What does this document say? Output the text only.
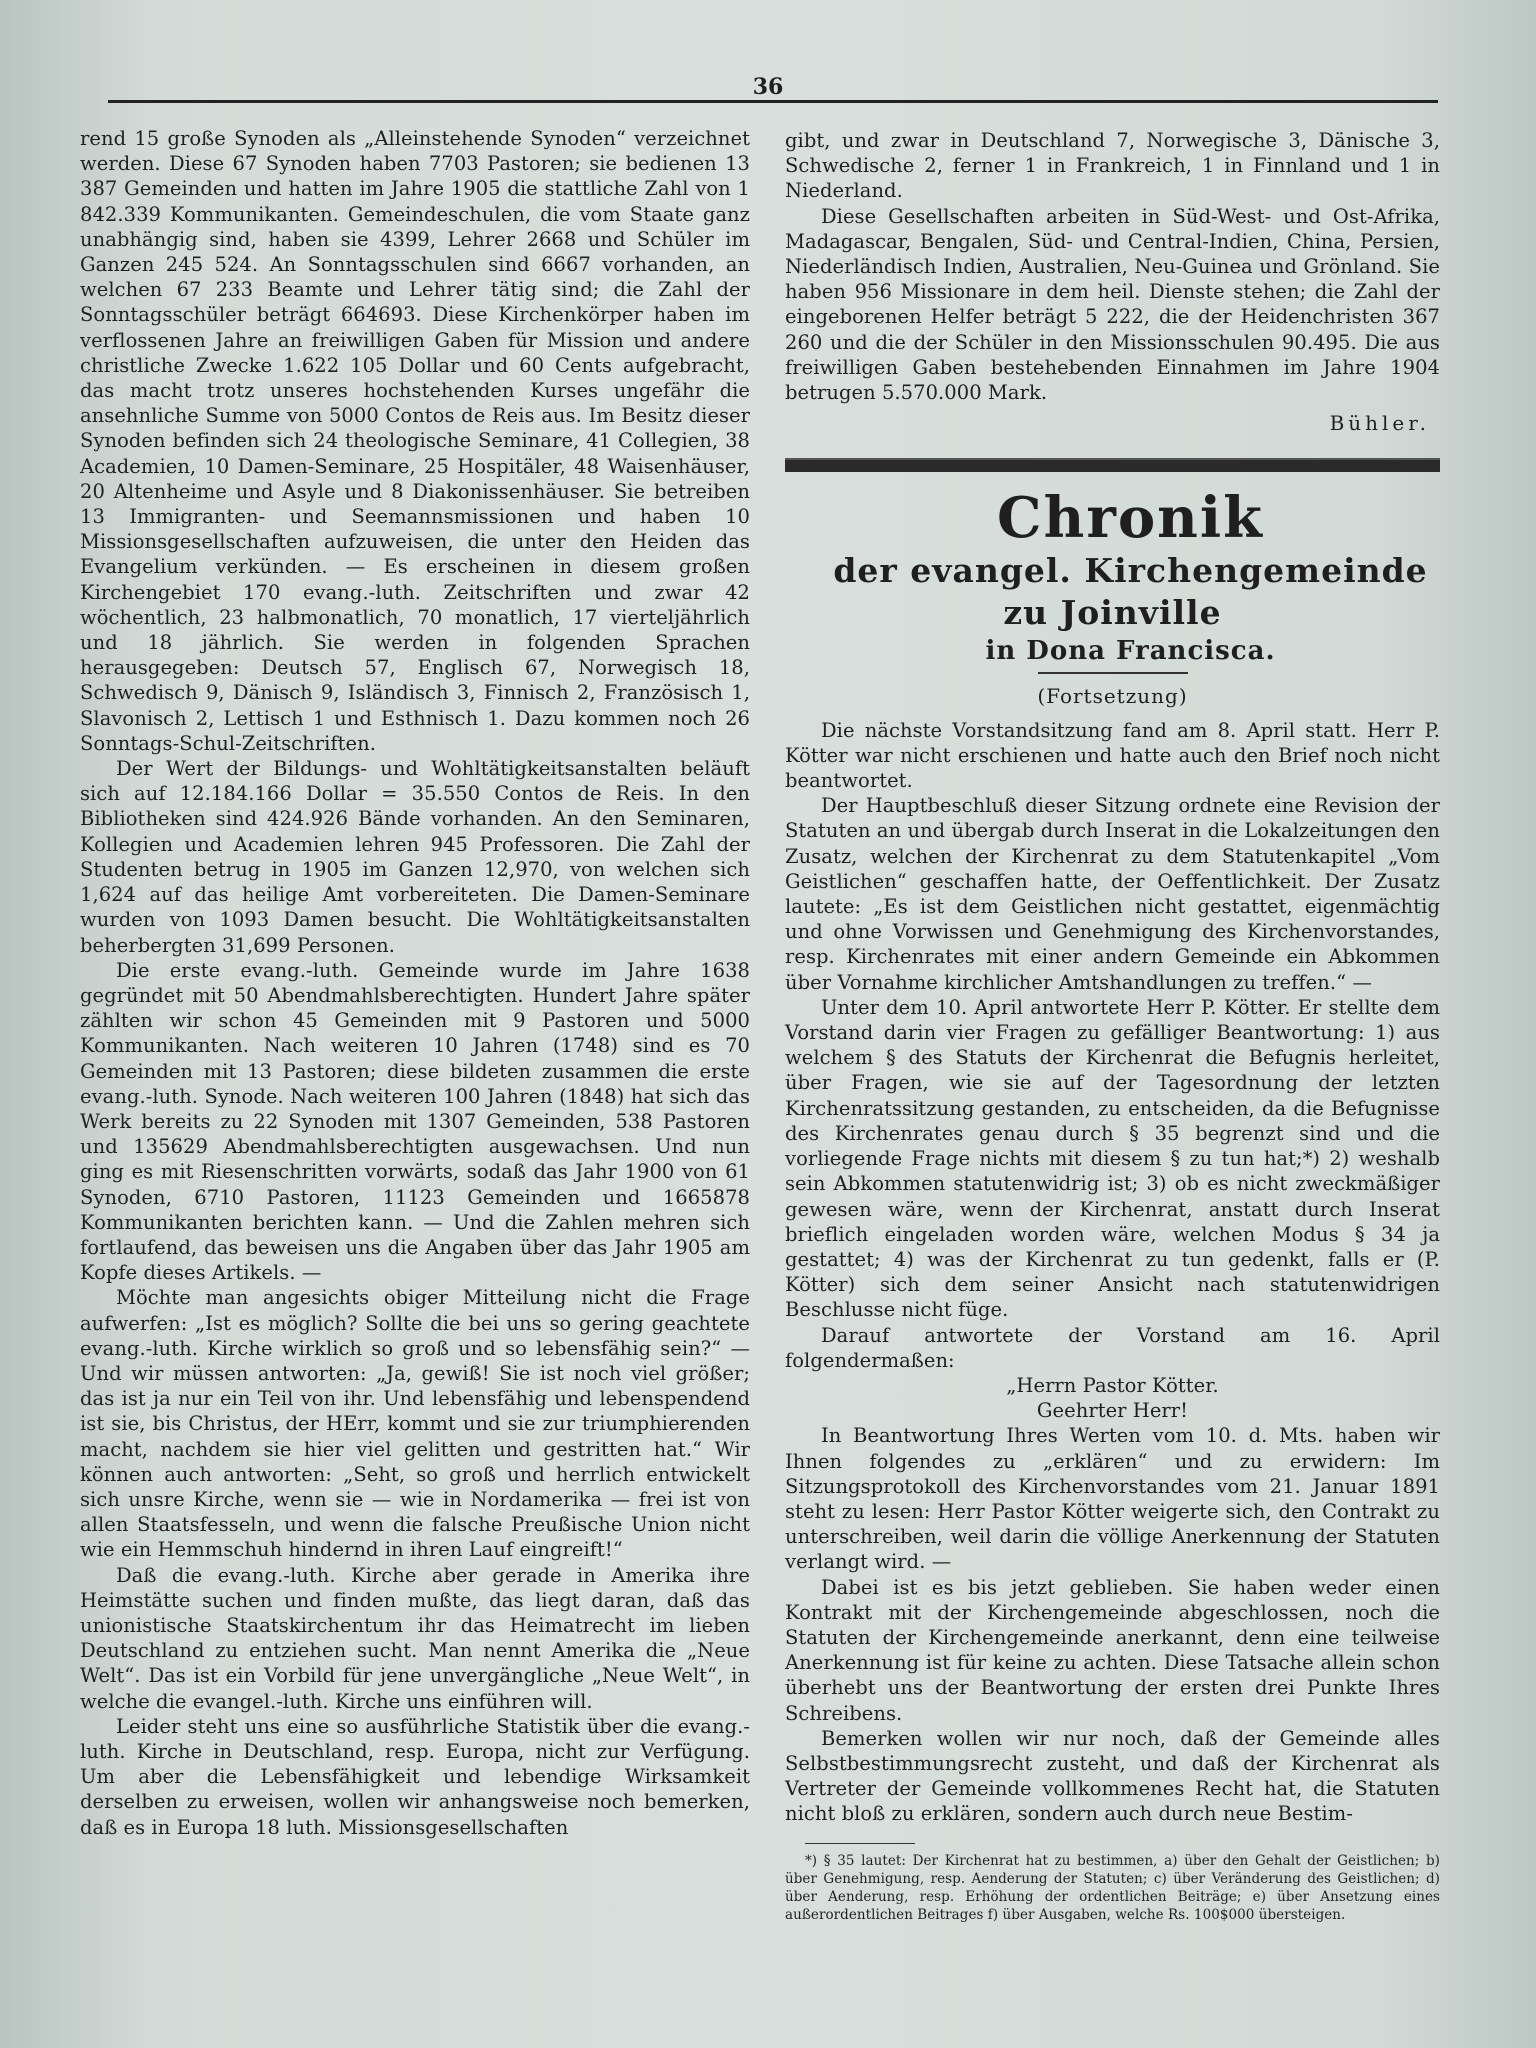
36

rend 15 große Synoden als „Alleinstehende Synoden“ verzeichnet werden. Diese 67 Synoden haben 7703 Pastoren; sie bedienen 13 387 Gemeinden und hatten im Jahre 1905 die stattliche Zahl von 1 842.339 Kommunikanten. Gemeindeschulen, die vom Staate ganz unabhängig sind, haben sie 4399, Lehrer 2668 und Schüler im Ganzen 245 524. An Sonntagsschulen sind 6667 vorhanden, an welchen 67 233 Beamte und Lehrer tätig sind; die Zahl der Sonntagsschüler beträgt 664693. Diese Kirchenkörper haben im verflossenen Jahre an freiwilligen Gaben für Mission und andere christliche Zwecke 1.622 105 Dollar und 60 Cents aufgebracht, das macht trotz unseres hochstehenden Kurses ungefähr die ansehnliche Summe von 5000 Contos de Reis aus. Im Besitz dieser Synoden befinden sich 24 theologische Seminare, 41 Collegien, 38 Academien, 10 Damen-Seminare, 25 Hospitäler, 48 Waisenhäuser, 20 Altenheime und Asyle und 8 Diakonissenhäuser. Sie betreiben 13 Immigranten- und Seemannsmissionen und haben 10 Missionsgesellschaften aufzuweisen, die unter den Heiden das Evangelium verkünden. — Es erscheinen in diesem großen Kirchengebiet 170 evang.-luth. Zeitschriften und zwar 42 wöchentlich, 23 halbmonatlich, 70 monatlich, 17 vierteljährlich und 18 jährlich. Sie werden in folgenden Sprachen herausgegeben: Deutsch 57, Englisch 67, Norwegisch 18, Schwedisch 9, Dänisch 9, Isländisch 3, Finnisch 2, Französisch 1, Slavonisch 2, Lettisch 1 und Esthnisch 1. Dazu kommen noch 26 Sonntags-Schul-Zeitschriften.

Der Wert der Bildungs- und Wohltätigkeitsanstalten beläuft sich auf 12.184.166 Dollar = 35.550 Contos de Reis. In den Bibliotheken sind 424.926 Bände vorhanden. An den Seminaren, Kollegien und Academien lehren 945 Professoren. Die Zahl der Studenten betrug in 1905 im Ganzen 12,970, von welchen sich 1,624 auf das heilige Amt vorbereiteten. Die Damen-Seminare wurden von 1093 Damen besucht. Die Wohltätigkeitsanstalten beherbergten 31,699 Personen.

Die erste evang.-luth. Gemeinde wurde im Jahre 1638 gegründet mit 50 Abendmahlsberechtigten. Hundert Jahre später zählten wir schon 45 Gemeinden mit 9 Pastoren und 5000 Kommunikanten. Nach weiteren 10 Jahren (1748) sind es 70 Gemeinden mit 13 Pastoren; diese bildeten zusammen die erste evang.-luth. Synode. Nach weiteren 100 Jahren (1848) hat sich das Werk bereits zu 22 Synoden mit 1307 Gemeinden, 538 Pastoren und 135629 Abendmahlsberechtigten ausgewachsen. Und nun ging es mit Riesenschritten vorwärts, sodaß das Jahr 1900 von 61 Synoden, 6710 Pastoren, 11123 Gemeinden und 1665878 Kommunikanten berichten kann. — Und die Zahlen mehren sich fortlaufend, das beweisen uns die Angaben über das Jahr 1905 am Kopfe dieses Artikels. —

Möchte man angesichts obiger Mitteilung nicht die Frage aufwerfen: „Ist es möglich? Sollte die bei uns so gering geachtete evang.-luth. Kirche wirklich so groß und so lebensfähig sein?“ — Und wir müssen antworten: „Ja, gewiß! Sie ist noch viel größer; das ist ja nur ein Teil von ihr. Und lebensfähig und lebenspendend ist sie, bis Christus, der HErr, kommt und sie zur triumphierenden macht, nachdem sie hier viel gelitten und gestritten hat.“ Wir können auch antworten: „Seht, so groß und herrlich entwickelt sich unsre Kirche, wenn sie — wie in Nordamerika — frei ist von allen Staatsfesseln, und wenn die falsche Preußische Union nicht wie ein Hemmschuh hindernd in ihren Lauf eingreift!“

Daß die evang.-luth. Kirche aber gerade in Amerika ihre Heimstätte suchen und finden mußte, das liegt daran, daß das unionistische Staatskirchentum ihr das Heimatrecht im lieben Deutschland zu entziehen sucht. Man nennt Amerika die „Neue Welt“. Das ist ein Vorbild für jene unvergängliche „Neue Welt“, in welche die evangel.-luth. Kirche uns einführen will.

Leider steht uns eine so ausführliche Statistik über die evang.-luth. Kirche in Deutschland, resp. Europa, nicht zur Verfügung. Um aber die Lebensfähigkeit und lebendige Wirksamkeit derselben zu erweisen, wollen wir anhangsweise noch bemerken, daß es in Europa 18 luth. Missionsgesellschaften

gibt, und zwar in Deutschland 7, Norwegische 3, Dänische 3, Schwedische 2, ferner 1 in Frankreich, 1 in Finnland und 1 in Niederland.

Diese Gesellschaften arbeiten in Süd-West- und Ost-Afrika, Madagascar, Bengalen, Süd- und Central-Indien, China, Persien, Niederländisch Indien, Australien, Neu-Guinea und Grönland. Sie haben 956 Missionare in dem heil. Dienste stehen; die Zahl der eingeborenen Helfer beträgt 5 222, die der Heidenchristen 367 260 und die der Schüler in den Missionsschulen 90.495. Die aus freiwilligen Gaben bestehebenden Einnahmen im Jahre 1904 betrugen 5.570.000 Mark.

Bühler.

Chronik

der evangel. Kirchengemeinde zu Joinville

in Dona Francisca.

(Fortsetzung)

Die nächste Vorstandsitzung fand am 8. April statt. Herr P. Kötter war nicht erschienen und hatte auch den Brief noch nicht beantwortet.

Der Hauptbeschluß dieser Sitzung ordnete eine Revision der Statuten an und übergab durch Inserat in die Lokalzeitungen den Zusatz, welchen der Kirchenrat zu dem Statutenkapitel „Vom Geistlichen“ geschaffen hatte, der Oeffentlichkeit. Der Zusatz lautete: „Es ist dem Geistlichen nicht gestattet, eigenmächtig und ohne Vorwissen und Genehmigung des Kirchenvorstandes, resp. Kirchenrates mit einer andern Gemeinde ein Abkommen über Vornahme kirchlicher Amtshandlungen zu treffen.“ —

Unter dem 10. April antwortete Herr P. Kötter. Er stellte dem Vorstand darin vier Fragen zu gefälliger Beantwortung: 1) aus welchem § des Statuts der Kirchenrat die Befugnis herleitet, über Fragen, wie sie auf der Tagesordnung der letzten Kirchenratssitzung gestanden, zu entscheiden, da die Befugnisse des Kirchenrates genau durch § 35 begrenzt sind und die vorliegende Frage nichts mit diesem § zu tun hat;*) 2) weshalb sein Abkommen statutenwidrig ist; 3) ob es nicht zweckmäßiger gewesen wäre, wenn der Kirchenrat, anstatt durch Inserat brieflich eingeladen worden wäre, welchen Modus § 34 ja gestattet; 4) was der Kirchenrat zu tun gedenkt, falls er (P. Kötter) sich dem seiner Ansicht nach statutenwidrigen Beschlusse nicht füge.

Darauf antwortete der Vorstand am 16. April folgendermaßen:

„Herrn Pastor Kötter.

Geehrter Herr!

In Beantwortung Ihres Werten vom 10. d. Mts. haben wir Ihnen folgendes zu „erklären“ und zu erwidern: Im Sitzungsprotokoll des Kirchenvorstandes vom 21. Januar 1891 steht zu lesen: Herr Pastor Kötter weigerte sich, den Contrakt zu unterschreiben, weil darin die völlige Anerkennung der Statuten verlangt wird. —

Dabei ist es bis jetzt geblieben. Sie haben weder einen Kontrakt mit der Kirchengemeinde abgeschlossen, noch die Statuten der Kirchengemeinde anerkannt, denn eine teilweise Anerkennung ist für keine zu achten. Diese Tatsache allein schon überhebt uns der Beantwortung der ersten drei Punkte Ihres Schreibens.

Bemerken wollen wir nur noch, daß der Gemeinde alles Selbstbestimmungsrecht zusteht, und daß der Kirchenrat als Vertreter der Gemeinde vollkommenes Recht hat, die Statuten nicht bloß zu erklären, sondern auch durch neue Bestim-

*) § 35 lautet: Der Kirchenrat hat zu bestimmen, a) über den Gehalt der Geistlichen; b) über Genehmigung, resp. Aenderung der Statuten; c) über Veränderung des Geistlichen; d) über Aenderung, resp. Erhöhung der ordentlichen Beiträge; e) über Ansetzung eines außerordentlichen Beitrages f) über Ausgaben, welche Rs. 100$000 übersteigen.
